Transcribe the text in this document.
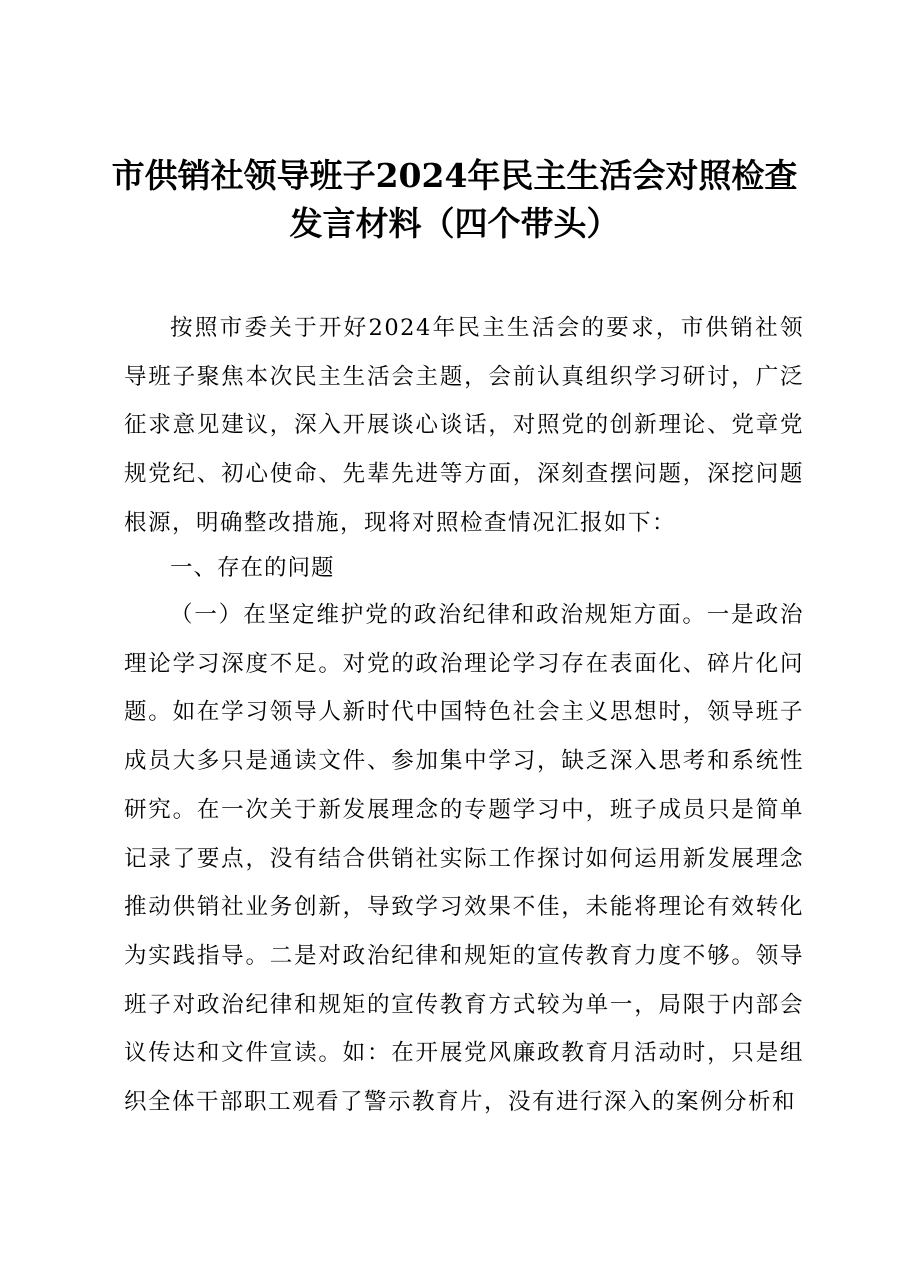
市供销社领导班子2024年民主生活会对照检查
发言材料（四个带头）
按照市委关于开好2024年民主生活会的要求，市供销社领导班子聚焦本次民主生活会主题，会前认真组织学习研讨，广泛征求意见建议，深入开展谈心谈话，对照党的创新理论、党章党规党纪、初心使命、先辈先进等方面，深刻查摆问题，深挖问题根源，明确整改措施，现将对照检查情况汇报如下：
一、存在的问题
（一）在坚定维护党的政治纪律和政治规矩方面。一是政治理论学习深度不足。对党的政治理论学习存在表面化、碎片化问题。如在学习领导人新时代中国特色社会主义思想时，领导班子成员大多只是通读文件、参加集中学习，缺乏深入思考和系统性研究。在一次关于新发展理念的专题学习中，班子成员只是简单记录了要点，没有结合供销社实际工作探讨如何运用新发展理念推动供销社业务创新，导致学习效果不佳，未能将理论有效转化为实践指导。二是对政治纪律和规矩的宣传教育力度不够。领导班子对政治纪律和规矩的宣传教育方式较为单一，局限于内部会议传达和文件宣读。如：在开展党风廉政教育月活动时，只是组织全体干部职工观看了警示教育片，没有进行深入的案例分析和
